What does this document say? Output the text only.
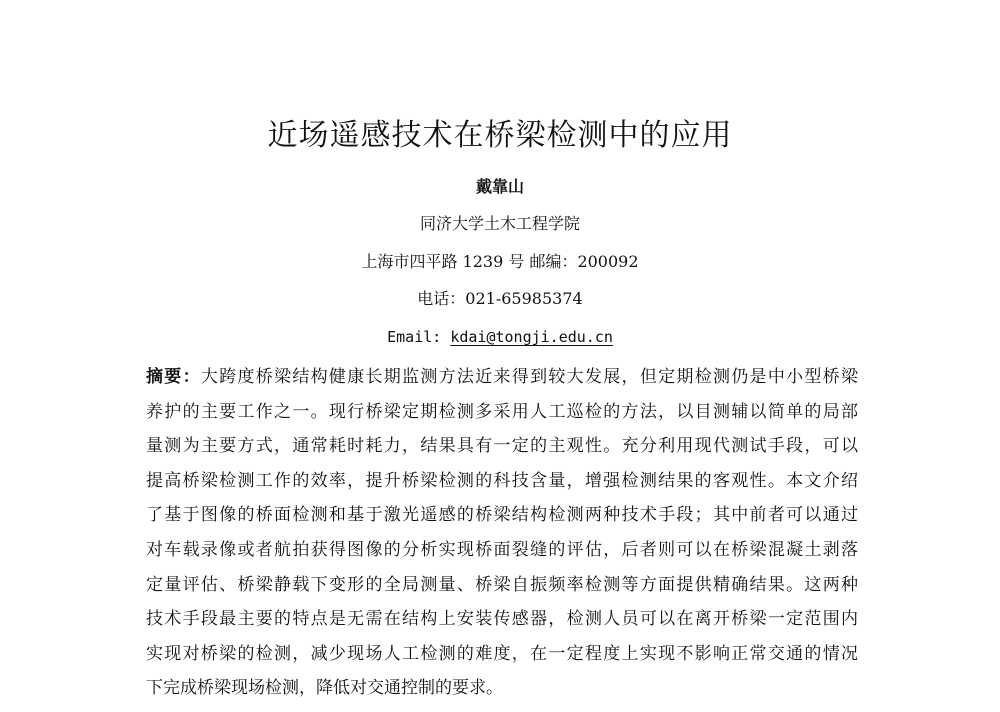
近场遥感技术在桥梁检测中的应用
戴靠山
同济大学土木工程学院
上海市四平路 1239 号 邮编：200092
电话：021-65985374
Email: kdai@tongji.edu.cn
摘要：大跨度桥梁结构健康长期监测方法近来得到较大发展，但定期检测仍是中小型桥梁
养护的主要工作之一。现行桥梁定期检测多采用人工巡检的方法，以目测辅以简单的局部
量测为主要方式，通常耗时耗力，结果具有一定的主观性。充分利用现代测试手段，可以
提高桥梁检测工作的效率，提升桥梁检测的科技含量，增强检测结果的客观性。本文介绍
了基于图像的桥面检测和基于激光遥感的桥梁结构检测两种技术手段；其中前者可以通过
对车载录像或者航拍获得图像的分析实现桥面裂缝的评估，后者则可以在桥梁混凝土剥落
定量评估、桥梁静载下变形的全局测量、桥梁自振频率检测等方面提供精确结果。这两种
技术手段最主要的特点是无需在结构上安装传感器，检测人员可以在离开桥梁一定范围内
实现对桥梁的检测，减少现场人工检测的难度，在一定程度上实现不影响正常交通的情况
下完成桥梁现场检测，降低对交通控制的要求。
